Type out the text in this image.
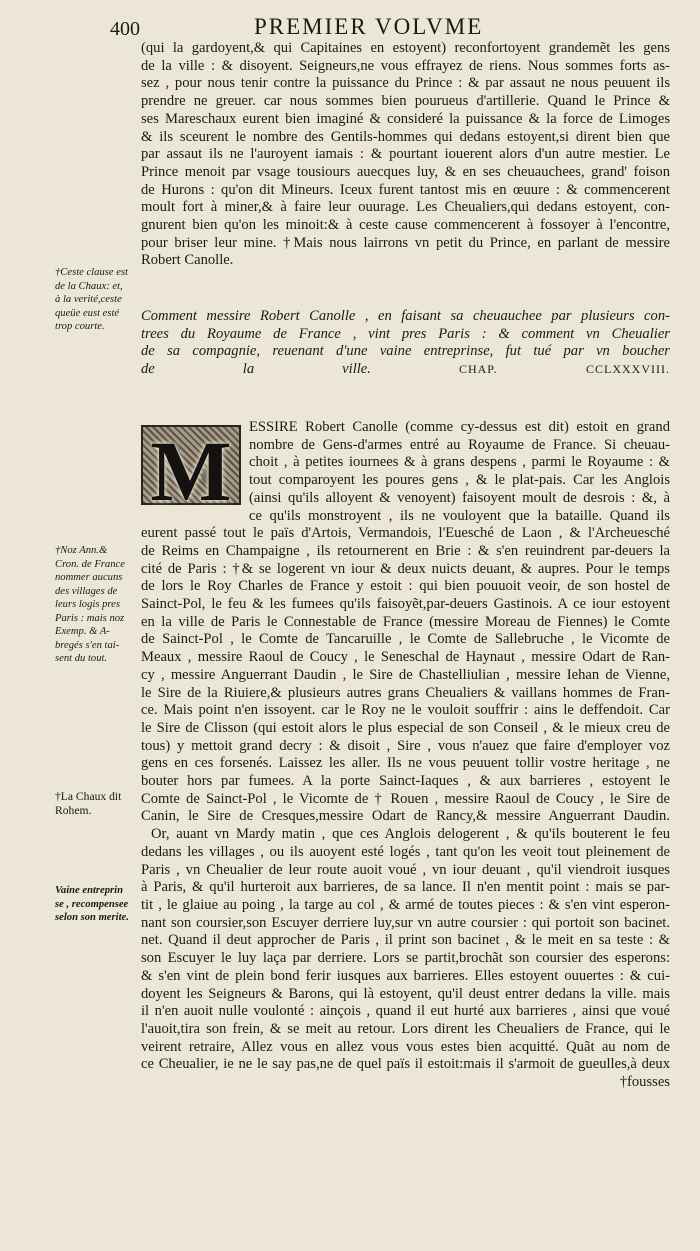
400	PREMIER VOLVME
(qui la gardoyent,& qui Capitaines en estoyent) reconfortoyent grandemẽt les gens
de la ville : & disoyent. Seigneurs,ne vous effrayez de riens. Nous sommes forts as-
sez , pour nous tenir contre la puissance du Prince : & par assaut ne nous peuuent ils
prendre ne greuer. car nous sommes bien pourueus d'artillerie. Quand le Prince &
ses Mareschaux eurent bien imaginé & consideré la puissance & la force de Limoges
& ils sceurent le nombre des Gentils-hommes qui dedans estoyent,si dirent bien que
par assaut ils ne l'auroyent iamais : & pourtant iouerent alors d'un autre mestier. Le
Prince menoit par vsage tousiours auecques luy, & en ses cheuauchees, grand' foison
de Hurons : qu'on dit Mineurs. Iceux furent tantost mis en œuure : & commencerent
moult fort à miner,& à faire leur ouurage. Les Cheualiers,qui dedans estoyent, con-
gnurent bien qu'on les minoit:& à ceste cause commencerent à fossoyer à l'encontre,
pour briser leur mine. †Mais nous lairrons vn petit du Prince, en parlant de messire
Robert Canolle.
Comment messire Robert Canolle , en faisant sa cheuauchee par plusieurs con-
trees du Royaume de France , vint pres Paris : & comment vn Cheualier
de sa compagnie, reuenant d'une vaine entreprinse, fut tué par vn boucher
de la ville.	CHAP. CCLXXXVIII.
M	ESSIRE Robert Canolle (comme cy-dessus est dit) estoit en grand
nombre de Gens-d'armes entré au Royaume de France. Si cheuau-
choit , à petites iournees & à grans despens , parmi le Royaume : &
tout comparoyent les poures gens , & le plat-pais. Car les Anglois
(ainsi qu'ils alloyent & venoyent) faisoyent moult de desrois : &, à
ce qu'ils monstroyent , ils ne vouloyent que la bataille. Quand ils
eurent passé tout le païs d'Artois, Vermandois, l'Euesché de Laon , & l'Archeuesché
de Reims en Champaigne , ils retournerent en Brie : & s'en reuindrent par-deuers la
cité de Paris : †& se logerent vn iour & deux nuicts deuant, & aupres. Pour le temps
de lors le Roy Charles de France y estoit : qui bien pouuoit veoir, de son hostel de
Sainct-Pol, le feu & les fumees qu'ils faisoyẽt,par-deuers Gastinois. A ce iour estoyent
en la ville de Paris le Connestable de France (messire Moreau de Fiennes) le Comte
de Sainct-Pol , le Comte de Tancaruille , le Comte de Sallebruche , le Vicomte de
Meaux , messire Raoul de Coucy , le Seneschal de Haynaut , messire Odart de Ran-
cy , messire Anguerrant Daudin , le Sire de Chastelliulian , messire Iehan de Vienne,
le Sire de la Riuiere,& plusieurs autres grans Cheualiers & vaillans hommes de Fran-
ce. Mais point n'en issoyent. car le Roy ne le vouloit souffrir : ains le deffendoit. Car
le Sire de Clisson (qui estoit alors le plus especial de son Conseil , & le mieux creu de
tous) y mettoit grand decry : & disoit , Sire , vous n'auez que faire d'employer voz
gens en ces forsenés. Laissez les aller. Ils ne vous peuuent tollir vostre heritage , ne
bouter hors par fumees. A la porte Sainct-Iaques , & aux barrieres , estoyent le
Comte de Sainct-Pol , le Vicomte de † Rouen , messire Raoul de Coucy , le Sire de
Canin, le Sire de Cresques,messire Odart de Rancy,& messire Anguerrant Daudin.
Or, auant vn Mardy matin , que ces Anglois delogerent , & qu'ils bouterent le feu
dedans les villages , ou ils auoyent esté logés , tant qu'on les veoit tout pleinement de
Paris , vn Cheualier de leur route auoit voué , vn iour deuant , qu'il viendroit iusques
à Paris, & qu'il hurteroit aux barrieres, de sa lance. Il n'en mentit point : mais se par-
tit , le glaiue au poing , la targe au col , & armé de toutes pieces : & s'en vint esperon-
nant son coursier,son Escuyer derriere luy,sur vn autre coursier : qui portoit son bacinet.
net. Quand il deut approcher de Paris , il print son bacinet , & le meit en sa teste : &
son Escuyer le luy laça par derriere. Lors se partit,brochãt son coursier des esperons:
& s'en vint de plein bond ferir iusques aux barrieres. Elles estoyent ouuertes : & cui-
doyent les Seigneurs & Barons, qui là estoyent, qu'il deust entrer dedans la ville. mais
il n'en auoit nulle voulonté : ainçois , quand il eut hurté aux barrieres , ainsi que voué
l'auoit,tira son frein, & se meit au retour. Lors dirent les Cheualiers de France, qui le
veirent retraire, Allez vous en allez vous vous estes bien acquitté. Quãt au nom de
ce Cheualier, ie ne le say pas,ne de quel païs il estoit:mais il s'armoit de gueulles,à deux
†fousses
†Ceste clause est
de la Chaux: et,
à la verité,ceste
queüe eust esté
trop courte.
†Noz Ann.&
Cron. de France
nommer aucuns
des villages de
leurs logis pres
Paris : mais noz
Exemp. & A-
bregés s'en tai-
sent du tout.
†La Chaux dit
Rohem.
Vaine entreprin
se , recompensee
selon son merite.
